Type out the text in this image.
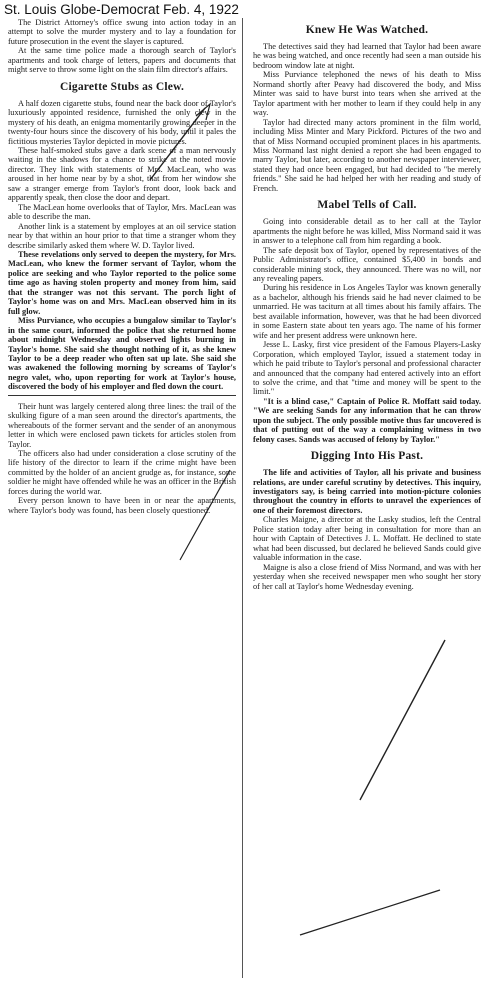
St. Louis Globe-Democrat Feb. 4, 1922

The District Attorney's office swung into action today in an attempt to solve the murder mystery and to lay a foundation for future prosecution in the event the slayer is captured.

At the same time police made a thorough search of Taylor's apartments and took charge of letters, papers and documents that might serve to throw some light on the slain film director's affairs.

Cigarette Stubs as Clew.

A half dozen cigarette stubs, found near the back door of Taylor's luxuriously appointed residence, furnished the only clew in the mystery of his death, an enigma momentarily growing deeper in the twenty-four hours since the discovery of his body, until it pales the fictitious mysteries Taylor depicted in movie pictures.

These half-smoked stubs gave a dark scene of a man nervously waiting in the shadows for a chance to strike at the noted movie director. They link with statements of Mrs. MacLean, who was aroused in her home near by by a shot, that from her window she saw a stranger emerge from Taylor's front door, look back and apparently speak, then close the door and depart.

The MacLean home overlooks that of Taylor, Mrs. MacLean was able to describe the man.

Another link is a statement by employes at an oil service station near by that within an hour prior to that time a stranger whom they describe similarly asked them where W. D. Taylor lived.

These revelations only served to deepen the mystery, for Mrs. MacLean, who knew the former servant of Taylor, whom the police are seeking and who Taylor reported to the police some time ago as having stolen property and money from him, said that the stranger was not this servant. The porch light of Taylor's home was on and Mrs. MacLean observed him in its full glow.

Miss Purviance, who occupies a bungalow similar to Taylor's in the same court, informed the police that she returned home about midnight Wednesday and observed lights burning in Taylor's home. She said she thought nothing of it, as she knew Taylor to be a deep reader who often sat up late. She said she was awakened the following morning by screams of Taylor's negro valet, who, upon reporting for work at Taylor's house, discovered the body of his employer and fled down the court.

Their hunt was largely centered along three lines: the trail of the skulking figure of a man seen around the director's apartments, the whereabouts of the former servant and the sender of an anonymous letter in which were enclosed pawn tickets for articles stolen from Taylor.

The officers also had under consideration a close scrutiny of the life history of the director to learn if the crime might have been committed by the holder of an ancient grudge as, for instance, some soldier he might have offended while he was an officer in the British forces during the world war.

Every person known to have been in or near the apartments, where Taylor's body was found, has been closely questioned.

Knew He Was Watched.

The detectives said they had learned that Taylor had been aware he was being watched, and once recently had seen a man outside his bedroom window late at night.

Miss Purviance telephoned the news of his death to Miss Normand shortly after Peavy had discovered the body, and Miss Minter was said to have burst into tears when she arrived at the Taylor apartment with her mother to learn if they could help in any way.

Taylor had directed many actors prominent in the film world, including Miss Minter and Mary Pickford. Pictures of the two and that of Miss Normand occupied prominent places in his apartments. Miss Normand last night denied a report she had been engaged to marry Taylor, but later, according to another newspaper interviewer, stated they had once been engaged, but had decided to "be merely friends." She said he had helped her with her reading and study of French.

Mabel Tells of Call.

Going into considerable detail as to her call at the Taylor apartments the night before he was killed, Miss Normand said it was in answer to a telephone call from him regarding a book.

The safe deposit box of Taylor, opened by representatives of the Public Administrator's office, contained $5,400 in bonds and considerable mining stock, they announced. There was no will, nor any revealing papers.

During his residence in Los Angeles Taylor was known generally as a bachelor, although his friends said he had never claimed to be unmarried. He was taciturn at all times about his family affairs. The best available information, however, was that he had been divorced in some Eastern state about ten years ago. The name of his former wife and her present address were unknown here.

Jesse L. Lasky, first vice president of the Famous Players-Lasky Corporation, which employed Taylor, issued a statement today in which he paid tribute to Taylor's personal and professional character and announced that the company had entered actively into an effort to solve the crime, and that "time and money will be spent to the limit."

"It is a blind case," Captain of Police R. Moffatt said today. "We are seeking Sands for any information that he can throw upon the subject. The only possible motive thus far uncovered is that of putting out of the way a complaining witness in two felony cases. Sands was accused of felony by Taylor."

Digging Into His Past.

The life and activities of Taylor, all his private and business relations, are under careful scrutiny by detectives. This inquiry, investigators say, is being carried into motion-picture colonies throughout the country in efforts to unravel the experiences of one of their foremost directors.

Charles Maigne, a director at the Lasky studios, left the Central Police station today after being in consultation for more than an hour with Captain of Detectives J. L. Moffatt. He declined to state what had been discussed, but declared he believed Sands could give valuable information in the case.

Maigne is also a close friend of Miss Normand, and was with her yesterday when she received newspaper men who sought her story of her call at Taylor's home Wednesday evening.
